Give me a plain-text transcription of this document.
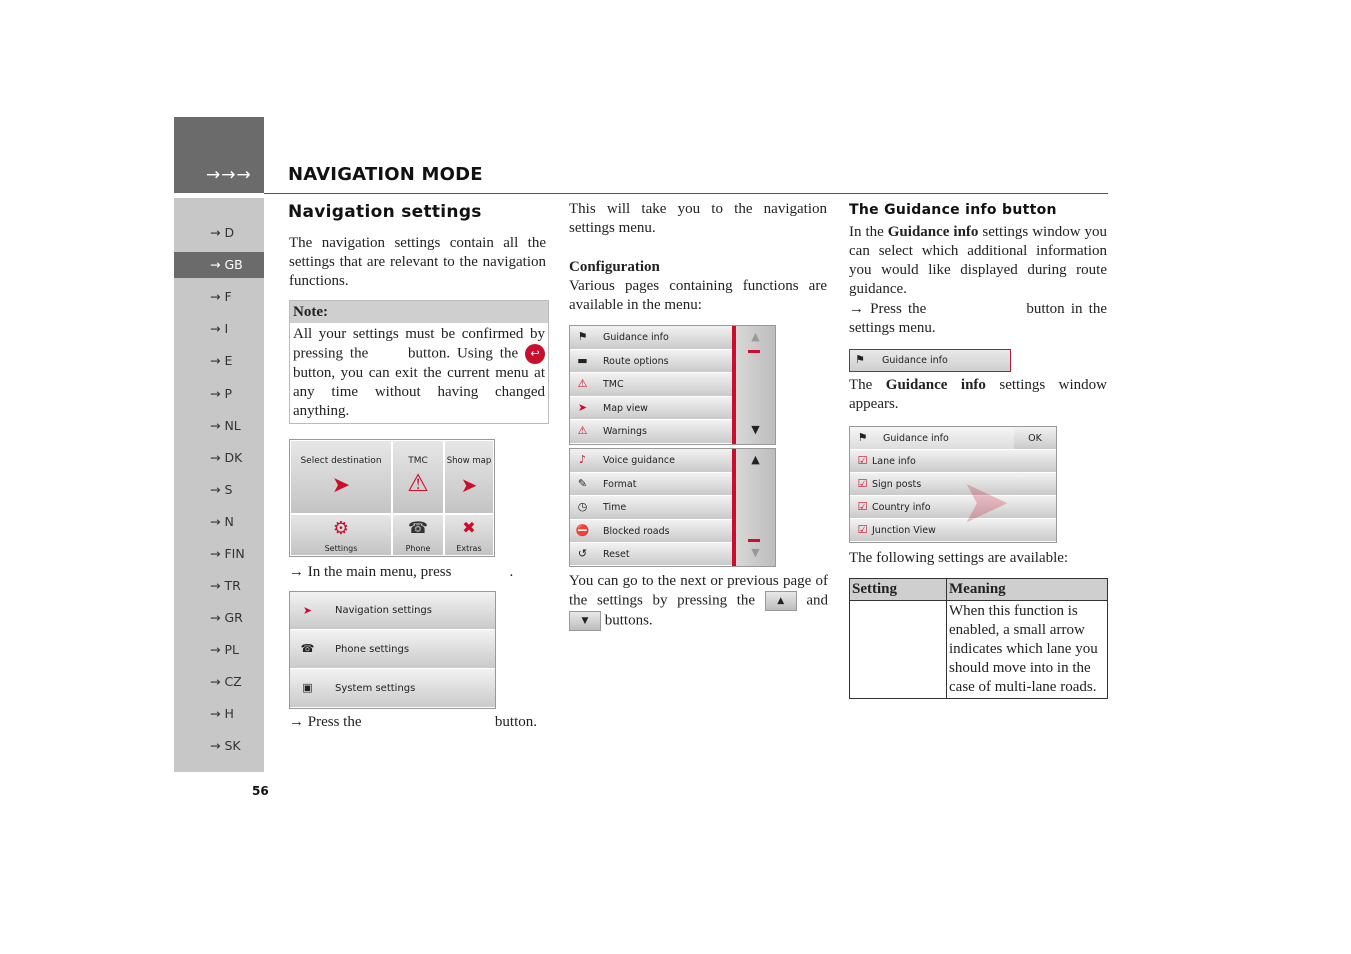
→→→ NAVIGATION MODE
→ D
→ GB
→ F
→ I
→ E
→ P
→ NL
→ DK
→ S
→ N
→ FIN
→ TR
→ GR
→ PL
→ CZ
→ H
→ SK
56
Navigation settings
The navigation settings contain all the settings that are relevant to the navigation functions.
Note:
All your settings must be confirmed by pressing the	button. Using the ↩ button, you can exit the current menu at any time without having changed anything.
Select destination
➤
TMC
⚠
Show map
➤
⚙
Settings
☎
Phone
✖
Extras
→ In the main menu, press	.
➤ Navigation settings
☎ Phone settings
▣ System settings
→ Press the	button.
This will take you to the navigation settings menu.
Configuration
Various pages containing functions are available in the menu:
⚑ Guidance info
▬ Route options
⚠ TMC
➤	Map view
⚠ Warnings
▲
▼
♪	Voice guidance
✎	Format
◷ Time
⛔ Blocked roads
↺	Reset
▲
▼
You can go to the next or previous page of the settings by pressing the ▲ and ▼ buttons.
The Guidance info button
In the Guidance info settings window you can select which additional information you would like displayed during route guidance.
→ Press the	button in the settings menu.
⚑ Guidance info
The Guidance info settings window appears.
⚑ Guidance info	OK
☑ Lane info
☑ Sign posts
☑ Country info
☑ Junction View ➤
The following settings are available:
Setting	Meaning
	When this function is enabled, a small arrow indicates which lane you should move into in the case of multi-lane roads.
